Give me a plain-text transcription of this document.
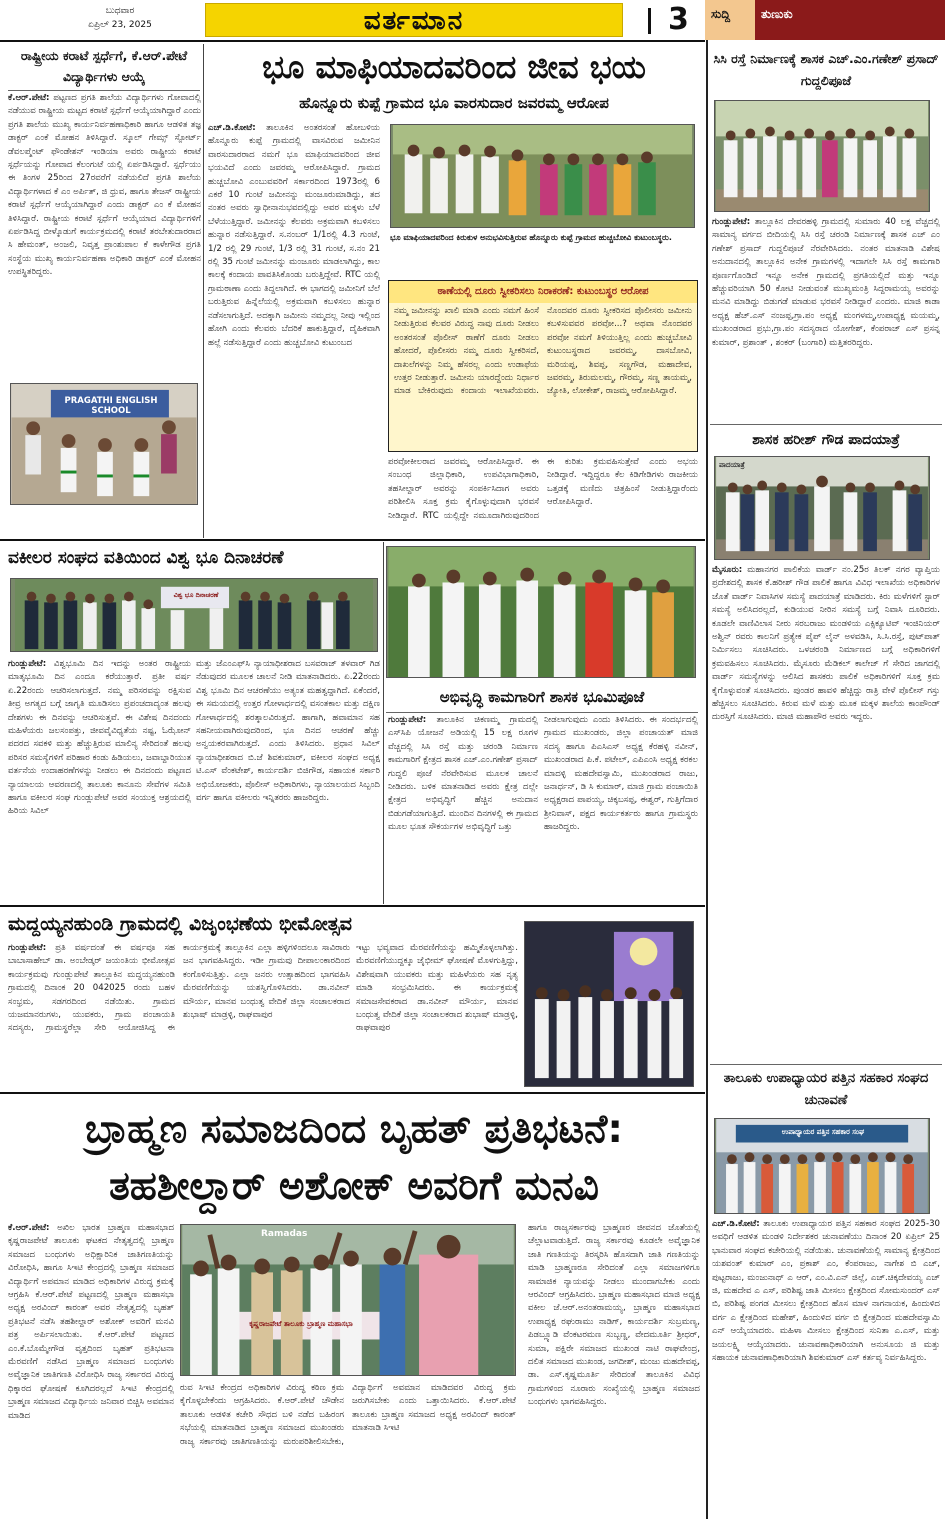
ಬುಧವಾರ
ಏಪ್ರಿಲ್ 23, 2025	ವರ್ತಮಾನ	3	ಸುದ್ದಿ	ತುಣುಕು
ರಾಷ್ಟ್ರೀಯ ಕರಾಟೆ ಸ್ಪರ್ಧೆಗೆ, ಕೆ.ಆರ್.ಪೇಟೆ ವಿದ್ಯಾರ್ಥಿಗಳು ಆಯ್ಕೆ
ಕೆ.ಆರ್.ಪೇಟೆ: ಪಟ್ಟಣದ ಪ್ರಗತಿ ಶಾಲೆಯ ವಿದ್ಯಾರ್ಥಿಗಳು ಗೋವಾದಲ್ಲಿ ನಡೆಯುವ ರಾಷ್ಟ್ರೀಯ ಮಟ್ಟದ ಕರಾಟೆ ಸ್ಪರ್ಧೆಗೆ ಆಯ್ಕೆಯಾಗಿದ್ದಾರೆ ಎಂದು ಪ್ರಗತಿ ಶಾಲೆಯ ಮುಖ್ಯ ಕಾರ್ಯನಿರ್ವಹಣಾಧಿಕಾರಿ ಹಾಗೂ ಆಡಳಿತ ತಜ್ಞ ಡಾಕ್ಟರ್ ಎಂಕೆ ಮೋಹನ ತಿಳಿಸಿದ್ದಾರೆ. ಸ್ಕೂಲ್ ಗೇಮ್ಸ್ ಸ್ಪೋರ್ಟ್ ಡೆವಲಪ್ಮೆಂಟ್ ಫೌಂಡೇಶನ್ ಇಂಡಿಯಾ ಅವರು ರಾಷ್ಟ್ರೀಯ ಕರಾಟೆ ಸ್ಪರ್ಧೆಯನ್ನು ಗೋವಾದ ಕೆಲಂಗುಟೆ ಯಲ್ಲಿ ಏರ್ಪಡಿಸಿದ್ದಾರೆ. ಸ್ಪರ್ಧೆಯು ಈ ತಿಂಗಳ 25ರಿಂದ 27ರವರೆಗೆ ನಡೆಯಲಿದೆ ಪ್ರಗತಿ ಶಾಲೆಯ ವಿದ್ಯಾರ್ಥಿಗಳಾದ ಕೆ ಎಂ ಅರ್ಪಿತ್, ಜಿ ಧ್ರುವ, ಹಾಗೂ ತೇಜಸ್ ರಾಷ್ಟ್ರೀಯ ಕರಾಟೆ ಸ್ಪರ್ಧೆಗೆ ಆಯ್ಕೆಯಾಗಿದ್ದಾರೆ ಎಂದು ಡಾಕ್ಟರ್ ಎಂ ಕೆ ಮೋಹನ ತಿಳಿಸಿದ್ದಾರೆ. ರಾಷ್ಟ್ರೀಯ ಕರಾಟೆ ಸ್ಪರ್ಧೆಗೆ ಆಯ್ಕೆಯಾದ ವಿದ್ಯಾರ್ಥಿಗಳಿಗೆ ಏರ್ಪಡಿಸಿದ್ದ ಬೀಳ್ಕೊಡುಗೆ ಕಾರ್ಯಕ್ರಮದಲ್ಲಿ ಕರಾಟೆ ತರಬೇತುದಾರರಾದ ಸಿ ಹೇಮಂತ್, ಅಂಜಲಿ, ನಿವೃತ್ತ ಪ್ರಾಂಶುಪಾಲ ಕೆ ಕಾಳೇಗೌಡ ಪ್ರಗತಿ ಸಂಸ್ಥೆಯ ಮುಖ್ಯ ಕಾರ್ಯನಿರ್ವಹಣಾ ಅಧಿಕಾರಿ ಡಾಕ್ಟರ್ ಎಂಕೆ ಮೋಹನ ಉಪಸ್ಥಿತರಿದ್ದರು.
PRAGATHI ENGLISH SCHOOL
ಭೂ ಮಾಫಿಯಾದವರಿಂದ ಜೀವ ಭಯ
ಹೊನ್ನೂರು ಕುಪ್ಪೆ ಗ್ರಾಮದ ಭೂ ವಾರಸುದಾರ ಜವರಮ್ಮ ಆರೋಪ
ಎಚ್.ಡಿ.ಕೋಟೆ: ತಾಲೂಕಿನ ಅಂತರಸಂತೆ ಹೋಬಳಿಯ ಹೊನ್ನೂರು ಕುಪ್ಪೆ ಗ್ರಾಮದಲ್ಲಿ ವಾಸವಿರುವ ಜಮೀನಿನ ವಾರಸುದಾರರಾದ ನಮಗೆ ಭೂ ಮಾಫಿಯಾದವರಿಂದ ಜೀವ ಭಯವಿದೆ ಎಂದು ಜವರಮ್ಮ ಆರೋಪಿಸಿದ್ದಾರೆ. ಗ್ರಾಮದ ಹುಚ್ಚಬೋವಿ ಎಂಬುವವರಿಗೆ ಸರ್ಕಾರದಿಂದ 1973ರಲ್ಲಿ 6 ಎಕರೆ 10 ಗುಂಟೆ ಜಮೀನನ್ನು ಮಂಜೂರುಮಾಡಿದ್ದು, ತದ ನಂತರ ಅವರು ಸ್ವಾಧೀನಾನುಭವದಲ್ಲಿದ್ದು ಅವರ ಮಕ್ಕಳು ಬೆಳೆ ಬೆಳೆಯುತ್ತಿದ್ದಾರೆ. ಜಮೀನನ್ನು ಕೆಲವರು ಅಕ್ರಮವಾಗಿ ಕಬಳಿಸಲು ಹುನ್ನಾರ ನಡೆಸುತ್ತಿದ್ದಾರೆ. ಸ.ನಂಬರ್ 1/1ರಲ್ಲಿ 4.3 ಗುಂಟೆ, 1/2 ರಲ್ಲಿ 29 ಗುಂಟೆ, 1/3 ರಲ್ಲಿ 31 ಗುಂಟೆ, ಸ.ನಂ 21 ರಲ್ಲಿ 35 ಗುಂಟೆ ಜಮೀನನ್ನು ಮಂಜೂರು ಮಾಡಲಾಗಿದ್ದು, ಕಾಲ ಕಾಲಕ್ಕೆ ಕಂದಾಯ ಪಾವತಿಸಿಕೊಂಡು ಬರುತ್ತಿದ್ದೇವೆ. RTC ಯಲ್ಲಿ ಗ್ರಾಮಠಾಣಾ ಎಂದು ತಿದ್ದಲಾಗಿದೆ. ಈ ಭಾಗದಲ್ಲಿ ಜಮೀನಿಗೆ ಬೆಲೆ ಬರುತ್ತಿರುವ ಹಿನ್ನೆಲೆಯಲ್ಲಿ ಅಕ್ರಮವಾಗಿ ಕಬಳಿಸಲು ಹುನ್ನಾರ ನಡೆಸಲಾಗುತ್ತಿದೆ. ಅದಕ್ಕಾಗಿ ಜಮೀನು ನಮ್ಮದಲ್ಲ ನೀವು ಇಲ್ಲಿಂದ ಹೋಗಿ ಎಂದು ಕೆಲವರು ಬೆದರಿಕೆ ಹಾಕುತ್ತಿದ್ದಾರೆ, ದೈಹಿಕವಾಗಿ ಹಲ್ಲೆ ನಡೆಸುತ್ತಿದ್ದಾರೆ ಎಂದು ಹುಚ್ಚಬೋವಿ ಕುಟುಂಬದ
ಭೂ ಮಾಫಿಯಾದವರಿಂದ ಕಿರುಕುಳ ಅನುಭವಿಸುತ್ತಿರುವ ಹೊನ್ನೂರು ಕುಪ್ಪೆ ಗ್ರಾಮದ ಹುಚ್ಚಬೋವಿ ಕುಟುಂಬಸ್ಥರು.
ಠಾಣೆಯಲ್ಲಿ ದೂರು ಸ್ವೀಕರಿಸಲು ನಿರಾಕರಣೆ: ಕುಟುಂಬಸ್ಥರ ಆರೋಪ
ನಮ್ಮ ಜಮೀನನ್ನು ಖಾಲಿ ಮಾಡಿ ಎಂದು ನಮಗೆ ಹಿಂಸೆ ನೀಡುತ್ತಿರುವ ಕೆಲವರ ವಿರುದ್ಧ ನಾವು ದೂರು ನೀಡಲು ಅಂತರಸಂತೆ ಪೊಲೀಸ್ ಠಾಣೆಗೆ ದೂರು ನೀಡಲು ಹೋದರೆ, ಪೊಲೀಸರು ನಮ್ಮ ದೂರು ಸ್ವೀಕರಿಸದೆ, ದಾಖಲೆಗಳನ್ನು ನಿಮ್ಮ ಹೆಸರಲ್ಲ ಎಂದು ಉಡಾಫೆಯ ಉತ್ತರ ನೀಡುತ್ತಾರೆ. ಜಮೀನು ಯಾರದ್ದೆಂದು ನಿರ್ಧಾರ ಮಾಡ ಬೇಕಿರುವುದು ಕಂದಾಯ ಇಲಾಖೆಯವರು. ನೊಂದವರ ದೂರು ಸ್ವೀಕರಿಸದ ಪೊಲೀಸರು ಜಮೀನು ಕಬಳಿಸುವವರ ಪರವೋ...? ಅಥವಾ ನೊಂದವರ ಪರವೋ ನಮಗೆ ತಿಳಿಯುತ್ತಿಲ್ಲ ಎಂದು ಹುಚ್ಚಬೋವಿ ಕುಟುಂಬಸ್ಥರಾದ ಜವರಮ್ಮ, ದಾಸಬೋವಿ, ಮರಿಯಪ್ಪ, ಶಿವಪ್ಪ, ಸಣ್ಣಗೌಡ, ಮಹಾದೇವ, ಜವರಮ್ಮ, ತಿರುಮಲಮ್ಮ, ಗೌರಮ್ಮ, ಸಣ್ಣ ತಾಯಮ್ಮ, ಜ್ಯೋತಿ, ಲೋಕೇಶ್, ರಾಜಮ್ಮ ಆರೋಪಿಸಿದ್ದಾರೆ.
ಪರವೋಕೀಲರಾದ ಜವರಮ್ಮ ಆರೋಪಿಸಿದ್ದಾರೆ. ಈ ಸಂಬಂಧ ಜಿಲ್ಲಾಧಿಕಾರಿ, ಉಪವಿಭಾಗಾಧಿಕಾರಿ, ತಹಸೀಲ್ದಾರ್ ಅವರನ್ನು ಸಂಪರ್ಕಿಸಿದಾಗ ಅವರು ಪರಿಶೀಲಿಸಿ ಸೂಕ್ತ ಕ್ರಮ ಕೈಗೊಳ್ಳುವುದಾಗಿ ಭರವಸೆ ನೀಡಿದ್ದಾರೆ. RTC ಯಲ್ಲಿದ್ದೇ ನಮೂದಾಗಿರುವುದರಿಂದ ಈ ಕುರಿತು ಕ್ರಮವಹಿಸುತ್ತೇವೆ ಎಂದು ಅಭಯ ನೀಡಿದ್ದಾರೆ. ಇದ್ದಿದ್ದರೂ ಕೆಲ ಕಿಡಿಗೇಡಿಗಳು ರಾಜಕೀಯ ಒತ್ತಡಕ್ಕೆ ಮಣಿದು ಚಿತ್ರಹಿಂಸೆ ನೀಡುತ್ತಿದ್ದಾರೆಂದು ಆರೋಪಿಸಿದ್ದಾರೆ.
ವಕೀಲರ ಸಂಘದ ವತಿಯಿಂದ ವಿಶ್ವ ಭೂ ದಿನಾಚರಣೆ
ವಿಶ್ವ ಭೂ ದಿನಾಚರಣೆ
ಗುಂಡ್ಲುಪೇಟೆ: ವಿಶ್ವಭೂಮಿ ದಿನ ಇದನ್ನು ಅಂತರ ರಾಷ್ಟ್ರೀಯ ಮಾತೃಭೂಮಿ ದಿನ ಎಂದೂ ಕರೆಯುತ್ತಾರೆ. ಪ್ರತೀ ವರ್ಷ ಏ.22ರಂದು ಆಚರಿಸಲಾಗುತ್ತದೆ. ನಮ್ಮ ಪರಿಸರವನ್ನು ರಕ್ಷಿಸುವ ತೀವ್ರ ಅಗತ್ಯದ ಬಗ್ಗೆ ಜಾಗೃತಿ ಮೂಡಿಸಲು ಪ್ರಪಂಚದಾದ್ಯಂತ ಹಲವು ದೇಶಗಳು ಈ ದಿನವನ್ನು ಆಚರಿಸುತ್ತವೆ. ಈ ವಿಶೇಷ ದಿನದಂದು ಮಹಿಳೆಯರು ಜಲಸಂಪತ್ತು, ಜೀವವೈವಿಧ್ಯತೆಯ ನಷ್ಟ, ಓಝೋನ್ ಪದರದ ಸವಕಳಿ ಮತ್ತು ಹೆಚ್ಚುತ್ತಿರುವ ಮಾಲಿನ್ಯ ಸೇರಿದಂತೆ ಹಲವು ಪರಿಸರ ಸಮಸ್ಯೆಗಳಿಗೆ ಪರಿಹಾರ ಕಂಡು ಹಿಡಿಯಲು, ಜವಾಬ್ದಾರಿಯುತ ವರ್ತನೆಯ ಉದಾಹರಣೆಗಳನ್ನು ನೀಡಲು ಈ ದಿನದಂದು ಪಟ್ಟಣದ ನ್ಯಾಯಾಲಯ ಆವರಣದಲ್ಲಿ ತಾಲೂಕು ಕಾನೂನು ಸೇವೆಗಳ ಸಮಿತಿ ಹಾಗೂ ವಕೀಲರ ಸಂಘ ಗುಂಡ್ಲುಪೇಟೆ ಅವರ ಸಂಯುಕ್ತ ಆಶ್ರಯದಲ್ಲಿ ಹಿರಿಯ ಸಿವಿಲ್
ಮತ್ತು ಜೆಎಂಎಫ್‌ಸಿ ನ್ಯಾಯಾಧೀಶರಾದ ಬಸವರಾಜ್ ತಳವಾರ್ ಗಿಡ ನೆಡುವುದರ ಮೂಲಕ ಚಾಲನೆ ನೀಡಿ ಮಾತನಾಡಿದರು. ಏ.22ರಂದು ವಿಶ್ವ ಭೂಮಿ ದಿನ ಆಚರಣೆಯು ಅತ್ಯಂತ ಮಹತ್ವದ್ದಾಗಿದೆ. ಏಕೆಂದರೆ, ಈ ಸಮಯದಲ್ಲಿ ಉತ್ತರ ಗೋಳಾರ್ಧದಲ್ಲಿ ವಸಂತಕಾಲ ಮತ್ತು ದಕ್ಷಿಣ ಗೋಳಾರ್ಧದಲ್ಲಿ ಶರತ್ಕಾಲವಿರುತ್ತದೆ. ಹಾಗಾಗಿ, ಹವಾಮಾನ ಸಹ ಸಹನೀಯವಾಗಿರುವುದರಿಂದ, ಭೂ ದಿನದ ಆಚರಣೆ ಹೆಚ್ಚು ಅನ್ವಯಕರವಾಗಿರುತ್ತದೆ. ಎಂದು ತಿಳಿಸಿದರು. ಪ್ರಧಾನ ಸಿವಿಲ್ ನ್ಯಾಯಾಧೀಶರಾದ ಬಿ.ಜೆ ಶಿವಕುಮಾರ್, ವಕೀಲರ ಸಂಘದ ಅಧ್ಯಕ್ಷ ಟಿ.ಎಸ್ ವೆಂಕಟೇಶ್, ಕಾರ್ಯದರ್ಶಿ ಬಿಜಿಗೌಡ, ಸಹಾಯಕ ಸರ್ಕಾರಿ ಅಭಿಯೋಜಕರು, ಪೊಲೀಸ್ ಅಧಿಕಾರಿಗಳು, ನ್ಯಾಯಾಲಯದ ಸಿಬ್ಬಂದಿ ವರ್ಗ ಹಾಗೂ ವಕೀಲರು ಇನ್ನಿತರರು ಹಾಜರಿದ್ದರು.
ಅಭಿವೃದ್ಧಿ ಕಾಮಗಾರಿಗೆ ಶಾಸಕ ಭೂಮಿಪೂಜೆ
ಗುಂಡ್ಲುಪೇಟೆ: ತಾಲೂಕಿನ ಚಿಕಣಮ್ಮ ಗ್ರಾಮದಲ್ಲಿ ಎಸ್‌ಸಿಪಿ ಯೋಜನೆ ಅಡಿಯಲ್ಲಿ 15 ಲಕ್ಷ ರೂಗಳ ವೆಚ್ಚದಲ್ಲಿ ಸಿಸಿ ರಸ್ತೆ ಮತ್ತು ಚರಂಡಿ ನಿರ್ಮಾಣ ಕಾಮಗಾರಿಗೆ ಕ್ಷೇತ್ರದ ಶಾಸಕ ಎಚ್.ಎಂ.ಗಣೇಶ್ ಪ್ರಸಾದ್ ಗುದ್ದಲಿ ಪೂಜೆ ನೆರವೇರಿಸುವ ಮೂಲಕ ಚಾಲನೆ ನೀಡಿದರು. ಬಳಿಕ ಮಾತನಾಡಿದ ಅವರು ಕ್ಷೇತ್ರ ದಲ್ಲೇ ಕ್ಷೇತ್ರದ ಅಭಿವೃದ್ಧಿಗೆ ಹೆಚ್ಚಿನ ಅನುದಾನ ಬಿಡುಗಡೆಯಾಗುತ್ತಿದೆ. ಮುಂದಿನ ದಿನಗಳಲ್ಲಿ ಈ ಗ್ರಾಮದ ಮೂಲ ಭೂತ ಸೌಕರ್ಯಗಳ ಅಭಿವೃದ್ಧಿಗೆ ಒತ್ತು
ನೀಡಲಾಗುವುದು ಎಂದು ತಿಳಿಸಿದರು. ಈ ಸಂದರ್ಭದಲ್ಲಿ ಗ್ರಾಮದ ಮುಖಂಡರು, ಜಿಲ್ಲಾ ಪಂಚಾಯತ್ ಮಾಜಿ ಸದಸ್ಯ ಹಾಗೂ ಪಿಎಸಿಎಸ್ ಅಧ್ಯಕ್ಷ ಕೆರಹಳ್ಳಿ ನವೀನ್, ಮುಖಂಡರಾದ ಪಿ.ಕೆ. ಪಟೇಲ್, ಎಪಿಎಂಸಿ ಅಧ್ಯಕ್ಷ ಕರಕಲ ಮಾದಳ್ಳಿ ಮಹದೇವಸ್ವಾಮಿ, ಮುಖಂಡರಾದ ರಾಜು, ಜನಾರ್ಧನ್, ಡಿ ಸಿ ಕುಮಾರ್, ಮಾಜಿ ಗ್ರಾಮ ಪಂಚಾಯಿತಿ ಅಧ್ಯಕ್ಷರಾದ ಪಾಪಯ್ಯ, ಚಿಕ್ಕಬಸಪ್ಪ, ಈಶ್ವರ್, ಗುತ್ತಿಗೆದಾರ ಶ್ರೀನಿವಾಸ್, ಪಕ್ಷದ ಕಾರ್ಯಕರ್ತರು ಹಾಗೂ ಗ್ರಾಮಸ್ಥರು ಹಾಜರಿದ್ದರು.
ಮದ್ದಯ್ಯನಹುಂಡಿ ಗ್ರಾಮದಲ್ಲಿ ವಿಜೃಂಭಣೆಯ ಭೀಮೋತ್ಸವ
ಗುಂಡ್ಲುಪೇಟೆ: ಪ್ರತಿ ವರ್ಷದಂತೆ ಈ ವರ್ಷವೂ ಸಹ ಬಾಬಾಸಾಹೇಬ್ ಡಾ. ಅಂಬೇಡ್ಕರ್ ಜಯಂತಿಯ ಭೀಮೋತ್ಸವ ಕಾರ್ಯಕ್ರಮವು ಗುಂಡ್ಲುಪೇಟೆ ತಾಲ್ಲೂಕಿನ ಮದ್ದಯ್ಯನಹುಂಡಿ ಗ್ರಾಮದಲ್ಲಿ ದಿನಾಂಕ 20 042025 ರಂದು ಬಹಳ ಸಂಭ್ರಮ, ಸಡಗರದಿಂದ ನಡೆಯಿತು. ಗ್ರಾಮದ ಯಜಮಾನರುಗಳು, ಯುವಕರು, ಗ್ರಾಮ ಪಂಚಾಯತಿ ಸದಸ್ಯರು, ಗ್ರಾಮಸ್ಥರೆಲ್ಲಾ ಸೇರಿ ಆಯೋಜಿಸಿದ್ದ ಈ ಕಾರ್ಯಕ್ರಮಕ್ಕೆ ತಾಲ್ಲೂಕಿನ ಎಲ್ಲಾ ಹಳ್ಳಿಗಳಿಂದಲೂ ಸಾವಿರಾರು ಜನ ಭಾಗವಹಿಸಿದ್ದರು. ಇಡೀ ಗ್ರಾಮವು ದೀಪಾಲಂಕಾರದಿಂದ ಕಂಗೊಳಿಸುತ್ತಿತ್ತು. ಎಲ್ಲಾ ಜನರು ಉತ್ಸಾಹದಿಂದ ಭಾಗವಹಿಸಿ ಮೆರವಣಿಗೆಯನ್ನು ಯಶಸ್ವಿಗೊಳಿಸಿದರು. ಡಾ.ನವೀನ್ ಮೌರ್ಯ, ಮಾನವ ಬಂಧುತ್ವ ವೇದಿಕೆ ಜಿಲ್ಲಾ ಸಂಚಾಲಕರಾದ ಶುಭಾಷ್ ಮಾಡ್ರಳ್ಳಿ, ರಾಘವಾಪುರ
ಇಟ್ಟು ಭವ್ಯವಾದ ಮೆರವಣಿಗೆಯನ್ನು ಹಮ್ಮಿಕೊಳ್ಳಲಾಗಿತ್ತು. ಮೆರವಣಿಗೆಯುದ್ದಕ್ಕೂ ಜೈಭೀಮ್ ಘೋಷಣೆ ಮೊಳಗುತ್ತಿದ್ದು, ವಿಶೇಷವಾಗಿ ಯುವಕರು ಮತ್ತು ಮಹಿಳೆಯರು ಸಹ ನೃತ್ಯ ಮಾಡಿ ಸಂಭ್ರಮಿಸಿದರು. ಈ ಕಾರ್ಯಕ್ರಮಕ್ಕೆ ಸಮಾಜಸೇವಕರಾದ ಡಾ.ನವೀನ್ ಮೌರ್ಯ, ಮಾನವ ಬಂಧುತ್ವ ವೇದಿಕೆ ಜಿಲ್ಲಾ ಸಂಚಾಲಕರಾದ ಶುಭಾಷ್ ಮಾಡ್ರಳ್ಳಿ, ರಾಘವಾಪುರ
ಬ್ರಾಹ್ಮಣ ಸಮಾಜದಿಂದ ಬೃಹತ್ ಪ್ರತಿಭಟನೆ:
ತಹಶೀಲ್ದಾರ್ ಅಶೋಕ್ ಅವರಿಗೆ ಮನವಿ
ಕೆ.ಆರ್.ಪೇಟೆ: ಅಖಿಲ ಭಾರತ ಬ್ರಾಹ್ಮಣ ಮಹಾಸಭಾದ ಕೃಷ್ಣರಾಜಪೇಟೆ ತಾಲೂಕು ಘಟಕದ ನೇತೃತ್ವದಲ್ಲಿ ಬ್ರಾಹ್ಮಣ ಸಮಾಜದ ಬಂಧುಗಳು ಅಧಿಕ್ಷಾರಿನಿಕ ಜಾತಿಗಣತಿಯನ್ನು ವಿರೋಧಿಸಿ, ಹಾಗೂ ಸಿಇಟಿ ಕೇಂದ್ರದಲ್ಲಿ ಬ್ರಾಹ್ಮಣ ಸಮಾಜದ ವಿದ್ಯಾರ್ಥಿಗೆ ಅಪಮಾನ ಮಾಡಿದ ಅಧಿಕಾರಿಗಳ ವಿರುದ್ಧ ಕ್ರಮಕ್ಕೆ ಆಗ್ರಹಿಸಿ ಕೆ.ಆರ್.ಪೇಟೆ ಪಟ್ಟಣದಲ್ಲಿ ಬ್ರಾಹ್ಮಣ ಮಹಾಸಭಾ ಅಧ್ಯಕ್ಷ ಅರವಿಂದ್ ಕಾರಂತ್ ಅವರ ನೇತೃತ್ವದಲ್ಲಿ ಬೃಹತ್ ಪ್ರತಿಭಟನೆ ನಡೆಸಿ ತಹಶೀಲ್ದಾರ್ ಅಶೋಕ್ ಅವರಿಗೆ ಮನವಿ ಪತ್ರ ಅರ್ಪಿಸಲಾಯಿತು. ಕೆ.ಆರ್.ಪೇಟೆ ಪಟ್ಟಣದ ಎಂ.ಕೆ.ಬೊಮ್ಮೇಗೌಡ ವೃತ್ತದಿಂದ ಬೃಹತ್ ಪ್ರತಿಭಟನಾ ಮೆರವಣಿಗೆ ನಡೆಸಿದ ಬ್ರಾಹ್ಮಣ ಸಮಾಜದ ಬಂಧುಗಳು ಅವೈಜ್ಞಾನಿಕ ಜಾತಿಗಣತಿ ವಿರೋಧಿಸಿ ರಾಜ್ಯ ಸರ್ಕಾರದ ವಿರುದ್ಧ ಧಿಕ್ಕಾರದ ಘೋಷಣೆ ಕೂಗಿದರಲ್ಲದೆ ಸಿಇಟಿ ಕೇಂದ್ರದಲ್ಲಿ ಬ್ರಾಹ್ಮಣ ಸಮಾಜದ ವಿದ್ಯಾರ್ಥಿಯ ಜನಿವಾರ ಬಿಚ್ಚಿಸಿ ಅವಮಾನ ಮಾಡಿದ
Ramadas
ಕೃಷ್ಣರಾಜಪೇಟೆ ತಾಲೂಕು ಬ್ರಾಹ್ಮಣ ಮಹಾಸಭಾ
ರುವ ಸಿಇಟಿ ಕೇಂದ್ರದ ಅಧಿಕಾರಿಗಳ ವಿರುದ್ಧ ಕಠಿಣ ಕ್ರಮ ಕೈಗೊಳ್ಳಬೇಕೆಂದು ಆಗ್ರಹಿಸಿದರು. ಕೆ.ಆರ್.ಪೇಟೆ ಚೌಡೇನ ತಾಲೂಕು ಆಡಳಿತ ಕಚೇರಿ ಸೌಧದ ಬಳಿ ನಡೆದ ಬಹಿರಂಗ ಸಭೆಯಲ್ಲಿ ಮಾತನಾಡಿದ ಬ್ರಾಹ್ಮಣ ಸಮಾಜದ ಮುಖಂಡರು ರಾಜ್ಯ ಸರ್ಕಾರವು ಜಾತಿಗಣತಿಯನ್ನು ಮರುಪರಿಶೀಲಿಸಬೇಕು, ವಿದ್ಯಾರ್ಥಿಗೆ ಅವಮಾನ ಮಾಡಿದವರ ವಿರುದ್ಧ ಕ್ರಮ ಜರುಗಿಸಬೇಕು ಎಂದು ಒತ್ತಾಯಿಸಿದರು. ಕೆ.ಆರ್.ಪೇಟೆ ತಾಲೂಕು ಬ್ರಾಹ್ಮಣ ಸಮಾಜದ ಅಧ್ಯಕ್ಷ ಅರವಿಂದ್ ಕಾರಂತ್ ಮಾತನಾಡಿ ಸಿಇಟಿ
ಹಾಗೂ ರಾಜ್ಯಸರ್ಕಾರವು ಬ್ರಾಹ್ಮಣರ ಜೀವನದ ಜೊತೆಯಲ್ಲಿ ಚೆಲ್ಲಾಟವಾಡುತ್ತಿದೆ. ರಾಜ್ಯ ಸರ್ಕಾರವು ಕೂಡಲೇ ಅವೈಜ್ಞಾನಿಕ ಜಾತಿ ಗಣತಿಯನ್ನು ತಿರಸ್ಕರಿಸಿ ಹೊಸದಾಗಿ ಜಾತಿ ಗಣತಿಯನ್ನು ಮಾಡಿ ಬ್ರಾಹ್ಮಣರೂ ಸೇರಿದಂತೆ ಎಲ್ಲಾ ಸಮಾಜಗಳಿಗೂ ಸಾಮಾಜಿಕ ನ್ಯಾಯವನ್ನು ನೀಡಲು ಮುಂದಾಗಬೇಕು ಎಂದು ಆರವಿಂದ್ ಆಗ್ರಹಿಸಿದರು. ಬ್ರಾಹ್ಮಣ ಮಹಾಸಭಾದ ಮಾಜಿ ಅಧ್ಯಕ್ಷ ವಕೀಲ ಜೆ.ಆರ್.ಅನಂತರಾಮಯ್ಯ, ಬ್ರಾಹ್ಮಣ ಮಹಾಸಭಾದ ಉಪಾಧ್ಯಕ್ಷ ರಘುರಾಮು ನಾಡಿಗ್, ಕಾರ್ಯದರ್ಶಿ ಸುಬ್ರಮಣ್ಯ, ಪಿಡಬ್ಲ್ಯೂಡಿ ವೆಂಕಟರಮಣ ಸುಬ್ಬಣ್ಣ, ವೇದಮೂರ್ತಿ ಶ್ರೀಧರ್, ಸುಮಾ, ಪಕ್ಷಿರೇ ಸಮಾಜದ ಮುಖಂಡ ನಾಟಿ ರಾಘವೇಂದ್ರ, ದಲಿತ ಸಮಾಜದ ಮುಖಂಡ, ಜಗದೀಶ್, ಮಂಜು ಮಹದೇವಪ್ಪ, ಡಾ. ಎಸ್.ಕೃಷ್ಣಮೂರ್ತಿ ಸೇರಿದಂತೆ ತಾಲೂಕಿನ ವಿವಿಧ ಗ್ರಾಮಗಳಿಂದ ನೂರಾರು ಸಂಖ್ಯೆಯಲ್ಲಿ ಬ್ರಾಹ್ಮಣ ಸಮಾಜದ ಬಂಧುಗಳು ಭಾಗವಹಿಸಿದ್ದರು.
ಸಿಸಿ ರಸ್ತೆ ನಿರ್ಮಾಣಕ್ಕೆ ಶಾಸಕ ಎಚ್.ಎಂ.ಗಣೇಶ್ ಪ್ರಸಾದ್ ಗುದ್ದಲಿಪೂಜೆ
ಗುಂಡ್ಲುಪೇಟೆ: ತಾಲ್ಲೂಕಿನ ದೇವರಹಳ್ಳಿ ಗ್ರಾಮದಲ್ಲಿ ಸುಮಾರು 40 ಲಕ್ಷ ವೆಚ್ಚದಲ್ಲಿ ಸಾಮಾನ್ಯ ವರ್ಗದ ಬೀದಿಯಲ್ಲಿ ಸಿಸಿ ರಸ್ತೆ ಚರಂಡಿ ನಿರ್ಮಾಣಕ್ಕೆ ಶಾಸಕ ಎಚ್ ಎಂ ಗಣೇಶ್ ಪ್ರಸಾದ್ ಗುದ್ದಲಿಪೂಜೆ ನೆರವೇರಿಸಿದರು. ನಂತರ ಮಾತನಾಡಿ ವಿಶೇಷ ಅನುದಾನದಲ್ಲಿ ತಾಲ್ಲೂಕಿನ ಅನೇಕ ಗ್ರಾಮಗಳಲ್ಲಿ ಇದಾಗಲೇ ಸಿಸಿ ರಸ್ತೆ ಕಾಮಗಾರಿ ಪೂರ್ಣಗೊಂಡಿದೆ ಇನ್ನೂ ಅನೇಕ ಗ್ರಾಮದಲ್ಲಿ ಪ್ರಗತಿಯಲ್ಲಿದೆ ಮತ್ತು ಇನ್ನೂ ಹೆಚ್ಚುವರಿಯಾಗಿ 50 ಕೋಟಿ ನೀಡುವಂತೆ ಮುಖ್ಯಮಂತ್ರಿ ಸಿದ್ದರಾಮಯ್ಯ ಅವರನ್ನು ಮನವಿ ಮಾಡಿದ್ದು ಬಿಡುಗಡೆ ಮಾಡುವ ಭರವಸೆ ನೀಡಿದ್ದಾರೆ ಎಂದರು. ಮಾಜಿ ಕಾಡಾ ಅಧ್ಯಕ್ಷ ಹೆಚ್.ಎಸ್ ನಂಜಪ್ಪ,ಗ್ರಾ.ಪಂ ಅಧ್ಯಕ್ಷೆ ಮಂಗಳಮ್ಮ,ಉಪಾಧ್ಯಕ್ಷ ಮಯಮ್ಮ, ಮುಖಂಡರಾದ ಪ್ರಭು,ಗ್ರಾ.ಪಂ ಸದಸ್ಯರಾದ ಯೋಗೇಶ್, ಕೆಂಪರಾಜ್ ಎಸ್ ಪ್ರಸನ್ನ ಕುಮಾರ್, ಪ್ರಶಾಂತ್ , ಶಂಕರ್ (ಬಂಗಾರಿ) ಮತ್ತಿತರರಿದ್ದರು.
ಶಾಸಕ ಹರೀಶ್ ಗೌಡ ಪಾದಯಾತ್ರೆ
ಪಾದಯಾತ್ರೆ
ಮೈಸೂರು: ಮಹಾನಗರ ಪಾಲಿಕೆಯ ವಾರ್ಡ್ ನಂ.25ರ ತಿಲಕ್ ನಗರ ವ್ಯಾಪ್ತಿಯ ಪ್ರದೇಶದಲ್ಲಿ ಶಾಸಕ ಕೆ.ಹರೀಶ್ ಗೌಡ ಪಾಲಿಕೆ ಹಾಗೂ ವಿವಿಧ ಇಲಾಖೆಯ ಅಧಿಕಾರಿಗಳ ಜೊತೆ ವಾರ್ಡ್ ನಿವಾಸಿಗಳ ಸಮಸ್ಯೆ ಪಾದಯಾತ್ರೆ ಮಾಡಿದರು. ಕಿರು ಮಳೆಗಳಿಗೆ ಸ್ಟಾರ್ ಸಮಸ್ಯೆ ಅಲಿಸಿದರಲ್ಲದೆ, ಕುಡಿಯುವ ನೀರಿನ ಸಮಸ್ಯೆ ಬಗ್ಗೆ ನಿವಾಸಿ ದೂರಿದರು. ಕೂಡಲೇ ವಾಣಿವಿಲಾಸ ನೀರು ಸರಬರಾಜು ಮಂಡಳಿಯ ಎಕ್ಸಿಕ್ಯೂಟಿವ್ ಇಂಜಿನಿಯರ್ ಅಶ್ವಿನ್ ರವರು ಕಾಲನಿಗೆ ಪ್ರತ್ಯೇಕ ಪೈಪ್ ಲೈನ್ ಅಳವಡಿಸಿ, ಸಿ.ಸಿ.ರಸ್ತೆ, ಪುಟ್‌ಪಾತ್ ನಿರ್ಮಿಸಲು ಸೂಚಿಸಿದರು. ಒಳಚರಂಡಿ ನಿರ್ಮಾಣದ ಬಗ್ಗೆ ಅಧಿಕಾರಿಗಳಿಗೆ ಕ್ರಮವಹಿಸಲು ಸೂಚಿಸಿದರು. ಮೈಸೂರು ಮೆಡಿಕಲ್ ಕಾಲೇಜ್ ಗೆ ಸೇರಿದ ಜಾಗದಲ್ಲಿ ವಾರ್ಡ್ ಸಮಸ್ಯೆಗಳನ್ನು ಆಲಿಸಿದ ಶಾಸಕರು ಪಾಲಿಕೆ ಅಧಿಕಾರಿಗಳಿಗೆ ಸೂಕ್ತ ಕ್ರಮ ಕೈಗೊಳ್ಳುವಂತೆ ಸೂಚಿಸಿದರು. ಪುಂಡರ ಹಾವಳಿ ಹೆಚ್ಚಿದ್ದು ರಾತ್ರಿ ವೇಳೆ ಪೊಲೀಸ್ ಗಸ್ತು ಹೆಚ್ಚಿಸಲು ಸೂಚಿಸಿದರು. ಕಿರುವ ಮಳೆ ಮತ್ತು ಮೂಕ ಮಕ್ಕಳ ಶಾಲೆಯ ಕಾಂಪೌಂಡ್ ದುರಸ್ತಿಗೆ ಸೂಚಿಸಿದರು. ಮಾಜಿ ಮಹಾಪೌರ ಅವರು ಇದ್ದರು.
ತಾಲೂಕು ಉಪಾಧ್ಯಾಯರ ಪತ್ತಿನ ಸಹಕಾರ ಸಂಘದ ಚುನಾವಣೆ
ಉಪಾಧ್ಯಾಯರ ಪತ್ತಿನ ಸಹಕಾರ ಸಂಘ
ಎಚ್.ಡಿ.ಕೋಟೆ: ತಾಲೂಕು ಉಪಾಧ್ಯಾಯರ ಪತ್ತಿನ ಸಹಕಾರ ಸಂಘದ 2025-30 ಅವಧಿಗೆ ಆಡಳಿತ ಮಂಡಳಿ ನಿರ್ದೇಶಕರ ಚುನಾವಣೆಯು ದಿನಾಂಕ 20 ಏಪ್ರಿಲ್ 25 ಭಾನುವಾರ ಸಂಘದ ಕಚೇರಿಯಲ್ಲಿ ನಡೆಯಿತು. ಚುನಾವಣೆಯಲ್ಲಿ ಸಾಮಾನ್ಯ ಕ್ಷೇತ್ರದಿಂದ ಯಶವಂತ್ ಕುಮಾರ್ ಎಂ, ಪ್ರಕಾಶ್ ಎಂ, ಕೆಂಪರಾಜು, ನಾಗೇಶ ಬಿ ಎಚ್, ಪುಟ್ಟರಾಜು, ಮಂಜುನಾಥ್ ಎ ಆರ್, ಎಂ.ವಿ.ಎನ್ ಜಿಲ್ಲೆ, ಎಚ್.ಚಿಕ್ಕದೇವಯ್ಯ ಎಚ್ ಜಿ, ಮಹದೇವ ಎ ಎಸ್, ಪರಿಶಿಷ್ಟ ಜಾತಿ ಮೀಸಲು ಕ್ಷೇತ್ರದಿಂದ ಸೋಮಸುಂದರ್ ಎಸ್ ಬಿ, ಪರಿಶಿಷ್ಟ ಪಂಗಡ ಮೀಸಲು ಕ್ಷೇತ್ರದಿಂದ ಹೊಸ ಮಾಳ ನಾಗನಾಯಕ, ಹಿಂದುಳಿದ ವರ್ಗ ಎ ಕ್ಷೇತ್ರದಿಂದ ಮಹೇಶ್, ಹಿಂದುಳಿದ ವರ್ಗ ಬಿ ಕ್ಷೇತ್ರದಿಂದ ಮಹದೇವಸ್ವಾಮಿ ಎನ್ ಆಯ್ಕೆಯಾದರು. ಮಹಿಳಾ ಮೀಸಲು ಕ್ಷೇತ್ರದಿಂದ ಸುನಿತಾ ಎ.ಎಸ್, ಮತ್ತು ಜಯಲಕ್ಷ್ಮಿ ಆಯ್ಕೆಯಾದರು. ಚುನಾವಣಾಧಿಕಾರಿಯಾಗಿ ಅನುಸೂಯ ಜಿ ಮತ್ತು ಸಹಾಯಕ ಚುನಾವಣಾಧಿಕಾರಿಯಾಗಿ ಶಿವಕುಮಾರ್ ಎಸ್ ಕರ್ತವ್ಯ ನಿರ್ವಹಿಸಿದ್ದರು.
